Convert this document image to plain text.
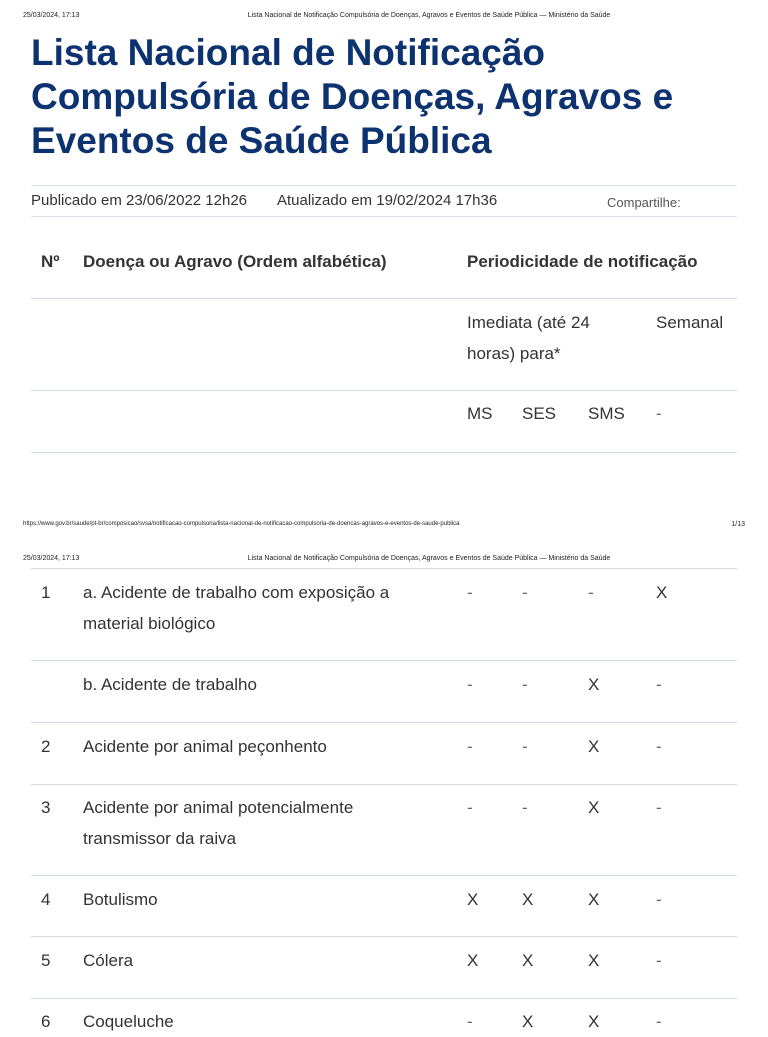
25/03/2024, 17:13	Lista Nacional de Notificação Compulsória de Doenças, Agravos e Eventos de Saúde Pública — Ministério da Saúde
Lista Nacional de Notificação
Compulsória de Doenças, Agravos e
Eventos de Saúde Pública
Publicado em 23/06/2022 12h26 Atualizado em 19/02/2024 17h36	Compartilhe:
Nº Doença ou Agravo (Ordem alfabética)	Periodicidade de notificação
Imediata (até 24
horas) para*
Semanal
MS SES SMS -
https://www.gov.br/saude/pt-br/composicao/svsa/notificacao-compulsoria/lista-nacional-de-notificacao-compulsoria-de-doencas-agravos-e-eventos-de-saude-publica	1/13
25/03/2024, 17:13	Lista Nacional de Notificação Compulsória de Doenças, Agravos e Eventos de Saúde Pública — Ministério da Saúde
1 a. Acidente de trabalho com exposição a
material biológico
-	-	-	X
b. Acidente de trabalho	-	-	X	-
2 Acidente por animal peçonhento	-	-	X	-
3 Acidente por animal potencialmente
transmissor da raiva
-	-	X	-
4 Botulismo	X	X	X	-
5 Cólera	X	X	X	-
6 Coqueluche	-	X	X	-
